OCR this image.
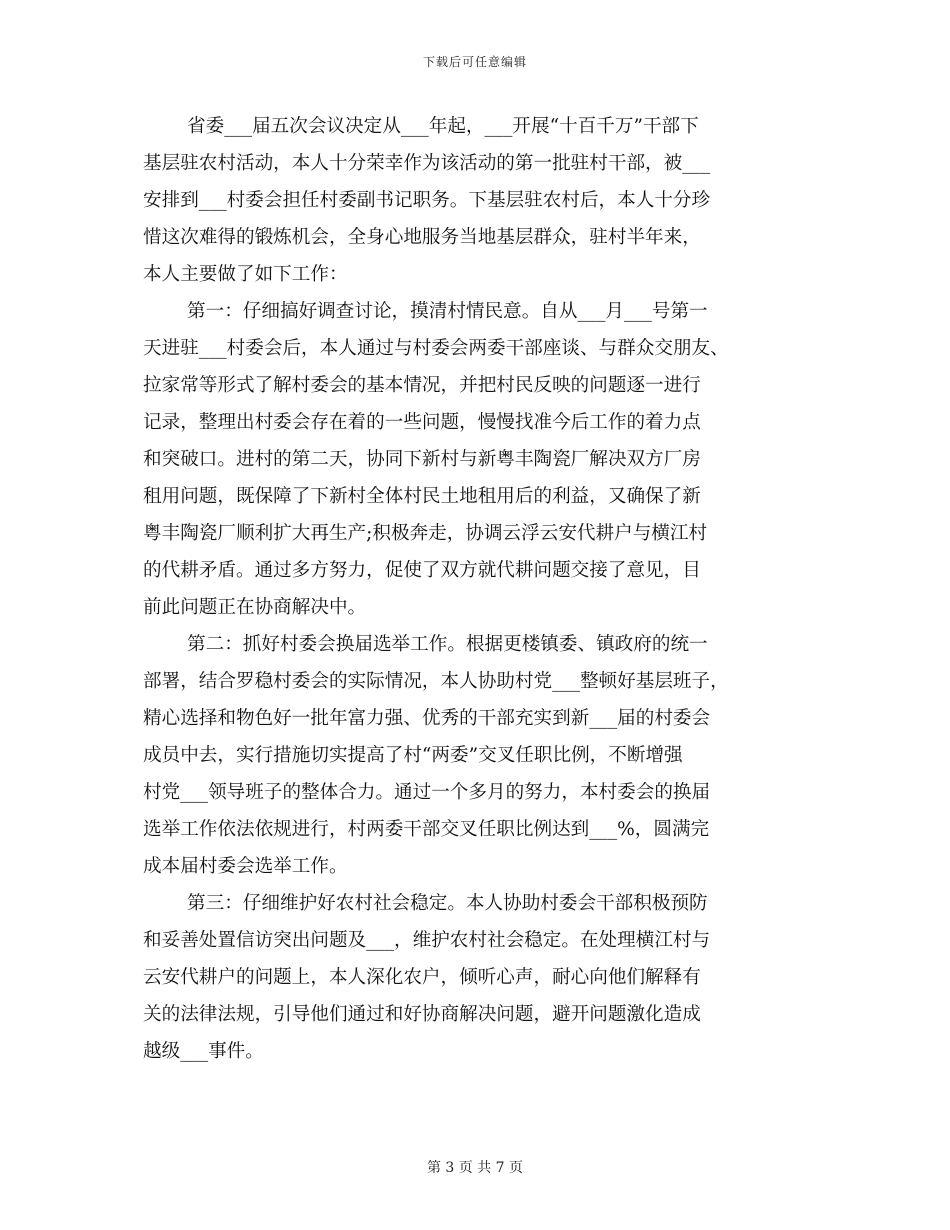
下载后可任意编辑
省委___届五次会议决定从___年起，___开展“十百千万”干部下
基层驻农村活动，本人十分荣幸作为该活动的第一批驻村干部，被___
安排到___村委会担任村委副书记职务。下基层驻农村后，本人十分珍
惜这次难得的锻炼机会，全身心地服务当地基层群众，驻村半年来，
本人主要做了如下工作：
第一：仔细搞好调查讨论，摸清村情民意。自从___月___号第一
天进驻___村委会后，本人通过与村委会两委干部座谈、与群众交朋友、
拉家常等形式了解村委会的基本情况，并把村民反映的问题逐一进行
记录，整理出村委会存在着的一些问题，慢慢找准今后工作的着力点
和突破口。进村的第二天，协同下新村与新粤丰陶瓷厂解决双方厂房
租用问题，既保障了下新村全体村民土地租用后的利益，又确保了新
粤丰陶瓷厂顺利扩大再生产;积极奔走，协调云浮云安代耕户与横江村
的代耕矛盾。通过多方努力，促使了双方就代耕问题交接了意见，目
前此问题正在协商解决中。
第二：抓好村委会换届选举工作。根据更楼镇委、镇政府的统一
部署，结合罗稳村委会的实际情况，本人协助村党___整顿好基层班子，
精心选择和物色好一批年富力强、优秀的干部充实到新___届的村委会
成员中去，实行措施切实提高了村“两委”交叉任职比例，不断增强
村党___领导班子的整体合力。通过一个多月的努力，本村委会的换届
选举工作依法依规进行，村两委干部交叉任职比例达到___%，圆满完
成本届村委会选举工作。
第三：仔细维护好农村社会稳定。本人协助村委会干部积极预防
和妥善处置信访突出问题及___，维护农村社会稳定。在处理横江村与
云安代耕户的问题上，本人深化农户，倾听心声，耐心向他们解释有
关的法律法规，引导他们通过和好协商解决问题，避开问题激化造成
越级___事件。
第 3 页 共 7 页
